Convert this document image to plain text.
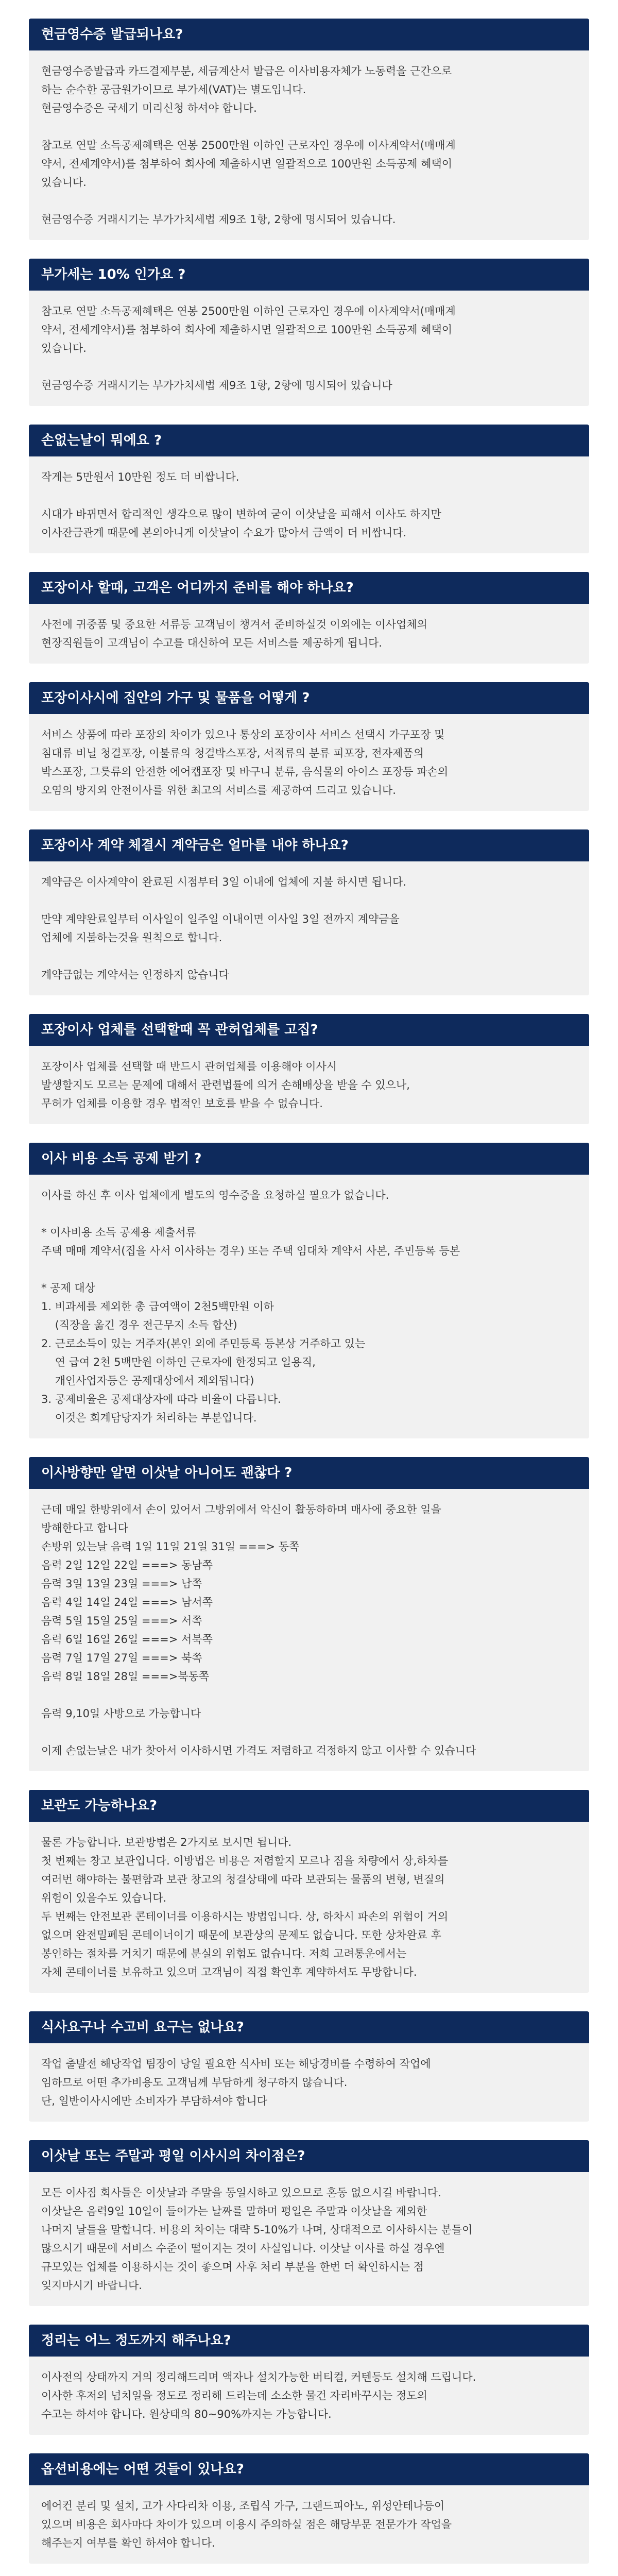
현금영수증 발급되나요?
현금영수증발급과 카드결제부분, 세금계산서 발급은 이사비용자체가 노동력을 근간으로
하는 순수한 공급원가이므로 부가세(VAT)는 별도입니다.
현금영수증은 국세기 미리신청 하셔야 합니다.
참고로 연말 소득공제혜택은 연봉 2500만원 이하인 근로자인 경우에 이사계약서(매매계
약서, 전세계약서)를 첨부하여 회사에 제출하시면 일괄적으로 100만원 소득공제 혜택이
있습니다.
현금영수증 거래시기는 부가가치세법 제9조 1항, 2항에 명시되어 있습니다.
부가세는 10% 인가요 ?
참고로 연말 소득공제혜택은 연봉 2500만원 이하인 근로자인 경우에 이사계약서(매매계
약서, 전세계약서)를 첨부하여 회사에 제출하시면 일괄적으로 100만원 소득공제 혜택이
있습니다.
현금영수증 거래시기는 부가가치세법 제9조 1항, 2항에 명시되어 있습니다
손없는날이 뭐에요 ?
작게는 5만원서 10만원 정도 더 비쌉니다.
시대가 바뀌면서 합리적인 생각으로 많이 변하여 굳이 이삿날을 피해서 이사도 하지만
이사잔금관계 때문에 본의아니게 이삿날이 수요가 많아서 금액이 더 비쌉니다.
포장이사 할때, 고객은 어디까지 준비를 해야 하나요?
사전에 귀중품 및 중요한 서류등 고객님이 챙겨서 준비하실것 이외에는 이사업체의
현장직원들이 고객님이 수고를 대신하여 모든 서비스를 제공하게 됩니다.
포장이사시에 집안의 가구 및 물품을 어떻게 ?
서비스 상품에 따라 포장의 차이가 있으나 통상의 포장이사 서비스 선택시 가구포장 및
침대류 비닐 청결포장, 이불류의 청결박스포장, 서적류의 분류 피포장, 전자제품의
박스포장, 그릇류의 안전한 에어캡포장 및 바구니 분류, 음식물의 아이스 포장등 파손의
오염의 방지외 안전이사를 위한 최고의 서비스를 제공하여 드리고 있습니다.
포장이사 계약 체결시 계약금은 얼마를 내야 하나요?
계약금은 이사계약이 완료된 시점부터 3일 이내에 업체에 지불 하시면 됩니다.
만약 계약완료일부터 이사일이 일주일 이내이면 이사일 3일 전까지 계약금을
업체에 지불하는것을 원칙으로 합니다.
계약금없는 계약서는 인정하지 않습니다
포장이사 업체를 선택할때 꼭 관허업체를 고집?
포장이사 업체를 선택할 때 반드시 관허업체를 이용해야 이사시
발생할지도 모르는 문제에 대해서 관련법률에 의거 손해배상을 받을 수 있으나,
무허가 업체를 이용할 경우 법적인 보호를 받을 수 없습니다.
이사 비용 소득 공제 받기 ?
이사를 하신 후 이사 업체에게 별도의 영수증을 요청하실 필요가 없습니다.
* 이사비용 소득 공제용 제출서류
주택 매매 계약서(집을 사서 이사하는 경우) 또는 주택 임대차 계약서 사본, 주민등록 등본
* 공제 대상
1. 비과세를 제외한 총 급여액이 2천5백만원 이하
(직장을 옮긴 경우 전근무지 소득 합산)
2. 근로소득이 있는 거주자(본인 외에 주민등록 등본상 거주하고 있는
연 급여 2천 5백만원 이하인 근로자에 한정되고 일용직,
개인사업자등은 공제대상에서 제외됩니다)
3. 공제비율은 공제대상자에 따라 비율이 다릅니다.
이것은 회계담당자가 처리하는 부분입니다.
이사방향만 알면 이삿날 아니어도 괜찮다 ?
근데 매일 한방위에서 손이 있어서 그방위에서 악신이 활동하하며 매사에 중요한 일을
방해한다고 합니다
손방위 있는날 음력 1일 11일 21일 31일 ===> 동쪽
음력 2일 12일 22일 ===> 동남쪽
음력 3일 13일 23일 ===> 남쪽
음력 4일 14일 24일 ===> 남서쪽
음력 5일 15일 25일 ===> 서쪽
음력 6일 16일 26일 ===> 서북쪽
음력 7일 17일 27일 ===> 북쪽
음력 8일 18일 28일 ===>북동쪽
음력 9,10일 사방으로 가능합니다
이제 손없는날은 내가 찾아서 이사하시면 가격도 저렴하고 걱정하지 않고 이사할 수 있습니다
보관도 가능하나요?
물론 가능합니다. 보관방법은 2가지로 보시면 됩니다.
첫 번째는 창고 보관입니다. 이방법은 비용은 저렴할지 모르나 짐을 차량에서 상,하차를
여러번 해야하는 불편함과 보관 창고의 청결상태에 따라 보관되는 물품의 변형, 변질의
위험이 있을수도 있습니다.
두 번째는 안전보관 콘테이너를 이용하시는 방법입니다. 상, 하차시 파손의 위험이 거의
없으며 완전밀폐된 콘테이너이기 때문에 보관상의 문제도 없습니다. 또한 상차완료 후
봉인하는 절차를 거치기 때문에 분실의 위험도 없습니다. 저희 고려통운에서는
자체 콘테이너를 보유하고 있으며 고객님이 직접 확인후 계약하셔도 무방합니다.
식사요구나 수고비 요구는 없나요?
작업 출발전 해당작업 팀장이 당일 필요한 식사비 또는 해당경비를 수령하여 작업에
임하므로 어떤 추가비용도 고객님께 부담하게 청구하지 않습니다.
단, 일반이사시에만 소비자가 부담하셔야 합니다
이삿날 또는 주말과 평일 이사시의 차이점은?
모든 이사짐 회사들은 이삿날과 주말을 동일시하고 있으므로 혼동 없으시길 바랍니다.
이삿날은 음력9일 10일이 들어가는 날짜를 말하며 평일은 주말과 이삿날을 제외한
나머지 날들을 말합니다. 비용의 차이는 대략 5-10%가 나며, 상대적으로 이사하시는 분들이
많으시기 때문에 서비스 수준이 떨어지는 것이 사실입니다. 이삿날 이사를 하실 경우엔
규모있는 업체를 이용하시는 것이 좋으며 사후 처리 부분을 한번 더 확인하시는 점
잊지마시기 바랍니다.
정리는 어느 정도까지 해주나요?
이사전의 상태까지 거의 정리해드리며 액자나 설치가능한 버티컬, 커텐등도 설치해 드립니다.
이사한 후저의 넘치일을 정도로 정리해 드리는데 소소한 물건 자리바꾸시는 정도의
수고는 하셔야 합니다. 원상태의 80~90%까지는 가능합니다.
옵션비용에는 어떤 것들이 있나요?
에어컨 분리 및 설치, 고가 사다리차 이용, 조립식 가구, 그랜드피아노, 위성안테나등이
있으며 비용은 회사마다 차이가 있으며 이용시 주의하실 점은 해당부문 전문가가 작업을
해주는지 여부를 확인 하셔야 합니다.
